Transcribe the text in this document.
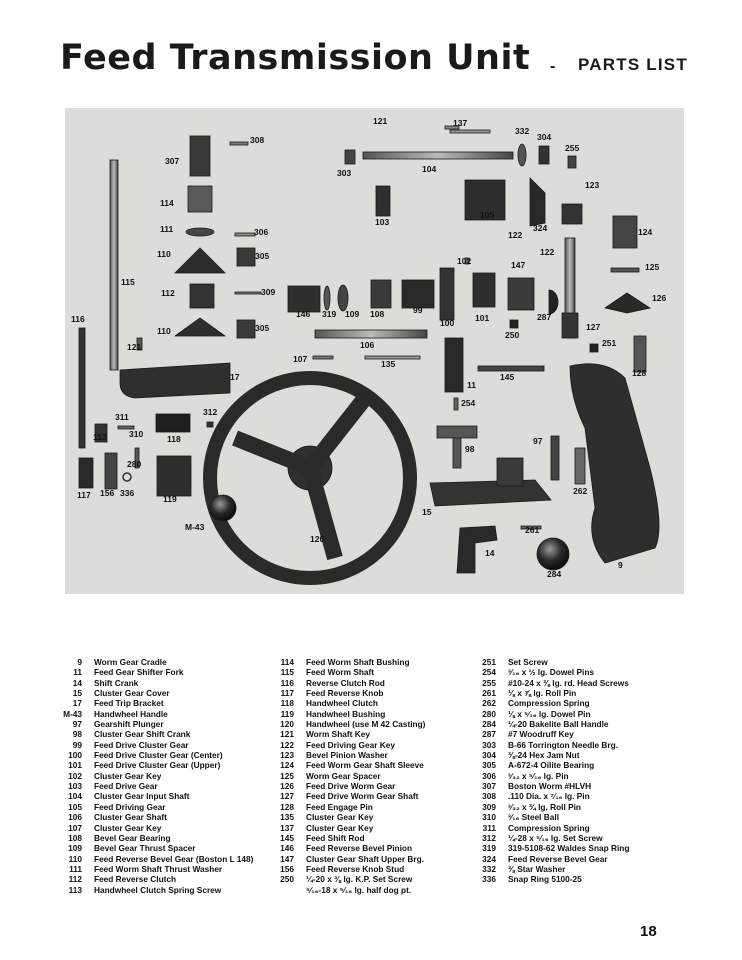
Feed Transmission Unit - PARTS LIST
121	137
332
304
308
307
255
303	104
123
114
103
105
122
324	124
111	306
122
110	305	102	147	125
115
112	309
126
116	146 319 109 108	99
100 101	287
127
110	305
106
250
121	251
107	135
17	145	128
11
254
311	312
113	310	118	97
98
280
262
117 156 336
119
15
261
M-43
120
14
9
284
9	Worm Gear Cradle
11	Feed Gear Shifter Fork
14	Shift Crank
15	Cluster Gear Cover
17	Feed Trip Bracket
M-43	Handwheel Handle
97	Gearshift Plunger
98	Cluster Gear Shift Crank
99	Feed Drive Cluster Gear
100	Feed Drive Cluster Gear (Center)
101	Feed Drive Cluster Gear (Upper)
102	Cluster Gear Key
103	Feed Drive Gear
104	Cluster Gear Input Shaft
105	Feed Driving Gear
106	Cluster Gear Shaft
107	Cluster Gear Key
108	Bevel Gear Bearing
109	Bevel Gear Thrust Spacer
110	Feed Reverse Bevel Gear (Boston L 148)
111	Feed Worm Shaft Thrust Washer
112	Feed Reverse Clutch
113	Handwheel Clutch Spring Screw
114	Feed Worm Shaft Bushing
115	Feed Worm Shaft
116	Reverse Clutch Rod
117	Feed Reverse Knob
118	Handwheel Clutch
119	Handwheel Bushing
120	Handwheel (use M 42 Casting)
121	Worm Shaft Key
122	Feed Driving Gear Key
123	Bevel Pinion Washer
124	Feed Worm Gear Shaft Sleeve
125	Worm Gear Spacer
126	Feed Drive Worm Gear
127	Feed Drive Worm Gear Shaft
128	Feed Engage Pin
135	Cluster Gear Key
137	Cluster Gear Key
145	Feed Shift Rod
146	Feed Reverse Bevel Pinion
147	Cluster Gear Shaft Upper Brg.
156	Feed Reverse Knob Stud
250	¼-20 x ⅜ lg. K.P. Set Screw
⁵⁄₁₆-18 x ⁵⁄₁₆ lg. half dog pt.
251	Set Screw
254	³⁄₁₆ x ½ lg. Dowel Pins
255	#10-24 x ⅜ lg. rd. Head Screws
261	⅛ x ⅞ lg. Roll Pin
262	Compression Spring
280	⅛ x ⁵⁄₁₆ lg. Dowel Pin
284	¼-20 Bakelite Ball Handle
287	#7 Woodruff Key
303	B-66 Torrington Needle Brg.
304	⅜-24 Hex Jam Nut
305	A-672-4 Oilite Bearing
306	³⁄₃₂ x ⁵⁄₁₆ lg. Pin
307	Boston Worm #HLVH
308	.110 Dia. x ⁷⁄₁₆ lg. Pin
309	³⁄₃₂ x ¾ lg. Roll Pin
310	³⁄₁₆ Steel Ball
311	Compression Spring
312	¼-28 x ⁵⁄₁₆ lg. Set Screw
319	319-5108-62 Waldes Snap Ring
324	Feed Reverse Bevel Gear
332	⅜ Star Washer
336	Snap Ring 5100-25
18
